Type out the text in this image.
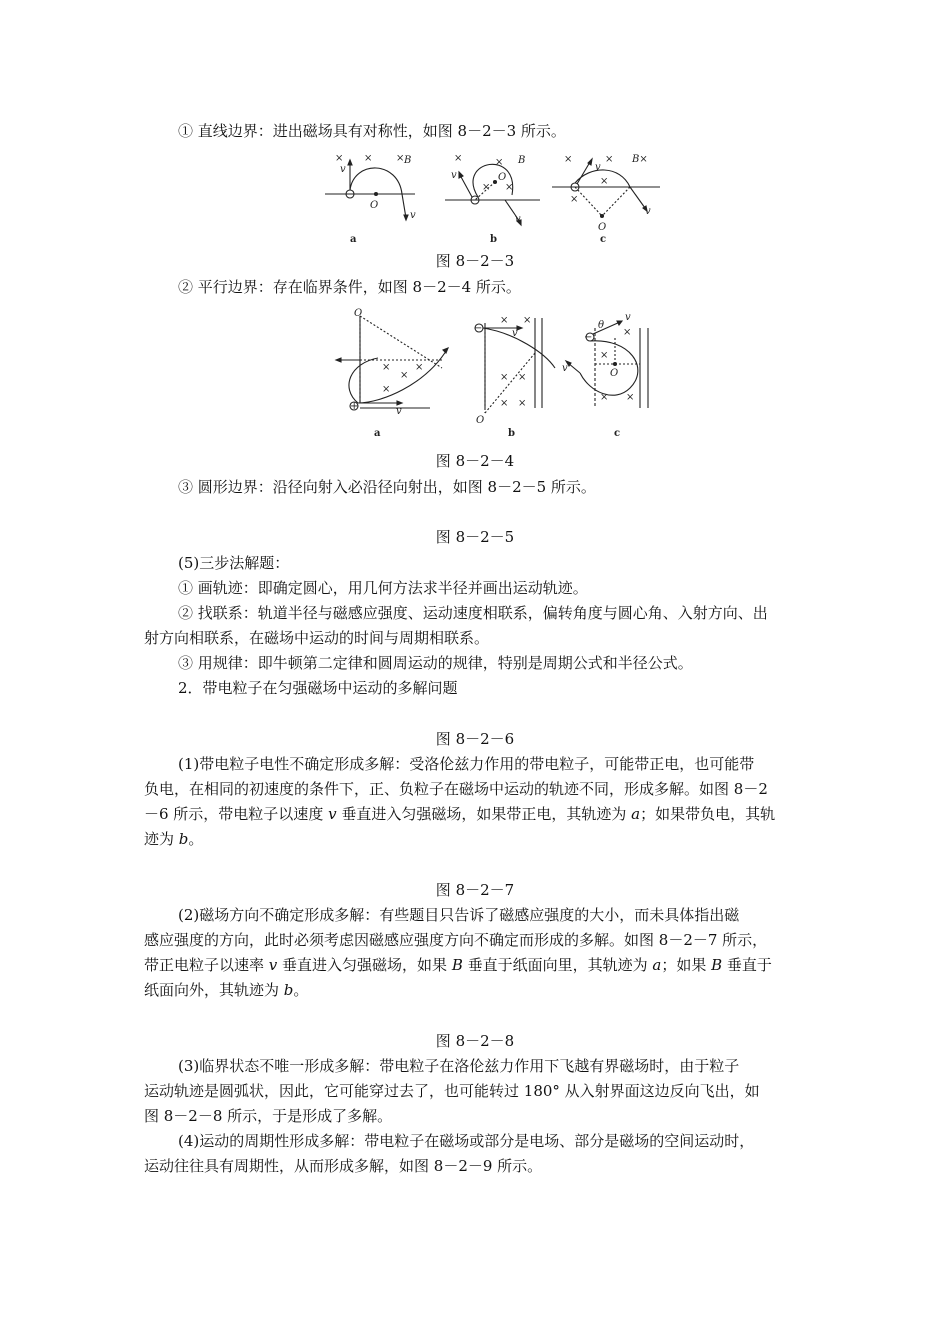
① 直线边界：进出磁场具有对称性，如图 8－2－3 所示。
v
× × × B
O
v
a
v
×	× B
O
× ×
v
b
×
v
× B×
×
×
O
v
c
图 8－2－3
② 平行边界：存在临界条件，如图 8－2－4 所示。
O
×
×
×
×
+	v
a
−
×
v
×
× ×
× ×
O
b
−
θ
v
×
×
O
v
× ×
c
图 8－2－4
③ 圆形边界：沿径向射入必沿径向射出，如图 8－2－5 所示。
图 8－2－5
(5)三步法解题：
① 画轨迹：即确定圆心，用几何方法求半径并画出运动轨迹。
② 找联系：轨道半径与磁感应强度、运动速度相联系，偏转角度与圆心角、入射方向、出
射方向相联系，在磁场中运动的时间与周期相联系。
③ 用规律：即牛顿第二定律和圆周运动的规律，特别是周期公式和半径公式。
2．带电粒子在匀强磁场中运动的多解问题
图 8－2－6
(1)带电粒子电性不确定形成多解：受洛伦兹力作用的带电粒子，可能带正电，也可能带
负电，在相同的初速度的条件下，正、负粒子在磁场中运动的轨迹不同，形成多解。如图 8－2
－6 所示，带电粒子以速度 v 垂直进入匀强磁场，如果带正电，其轨迹为 a；如果带负电，其轨
迹为 b。
图 8－2－7
(2)磁场方向不确定形成多解：有些题目只告诉了磁感应强度的大小，而未具体指出磁
感应强度的方向，此时必须考虑因磁感应强度方向不确定而形成的多解。如图 8－2－7 所示，
带正电粒子以速率 v 垂直进入匀强磁场，如果 B 垂直于纸面向里，其轨迹为 a；如果 B 垂直于
纸面向外，其轨迹为 b。
图 8－2－8
(3)临界状态不唯一形成多解：带电粒子在洛伦兹力作用下飞越有界磁场时，由于粒子
运动轨迹是圆弧状，因此，它可能穿过去了，也可能转过 180° 从入射界面这边反向飞出，如
图 8－2－8 所示，于是形成了多解。
(4)运动的周期性形成多解：带电粒子在磁场或部分是电场、部分是磁场的空间运动时，
运动往往具有周期性，从而形成多解，如图 8－2－9 所示。
